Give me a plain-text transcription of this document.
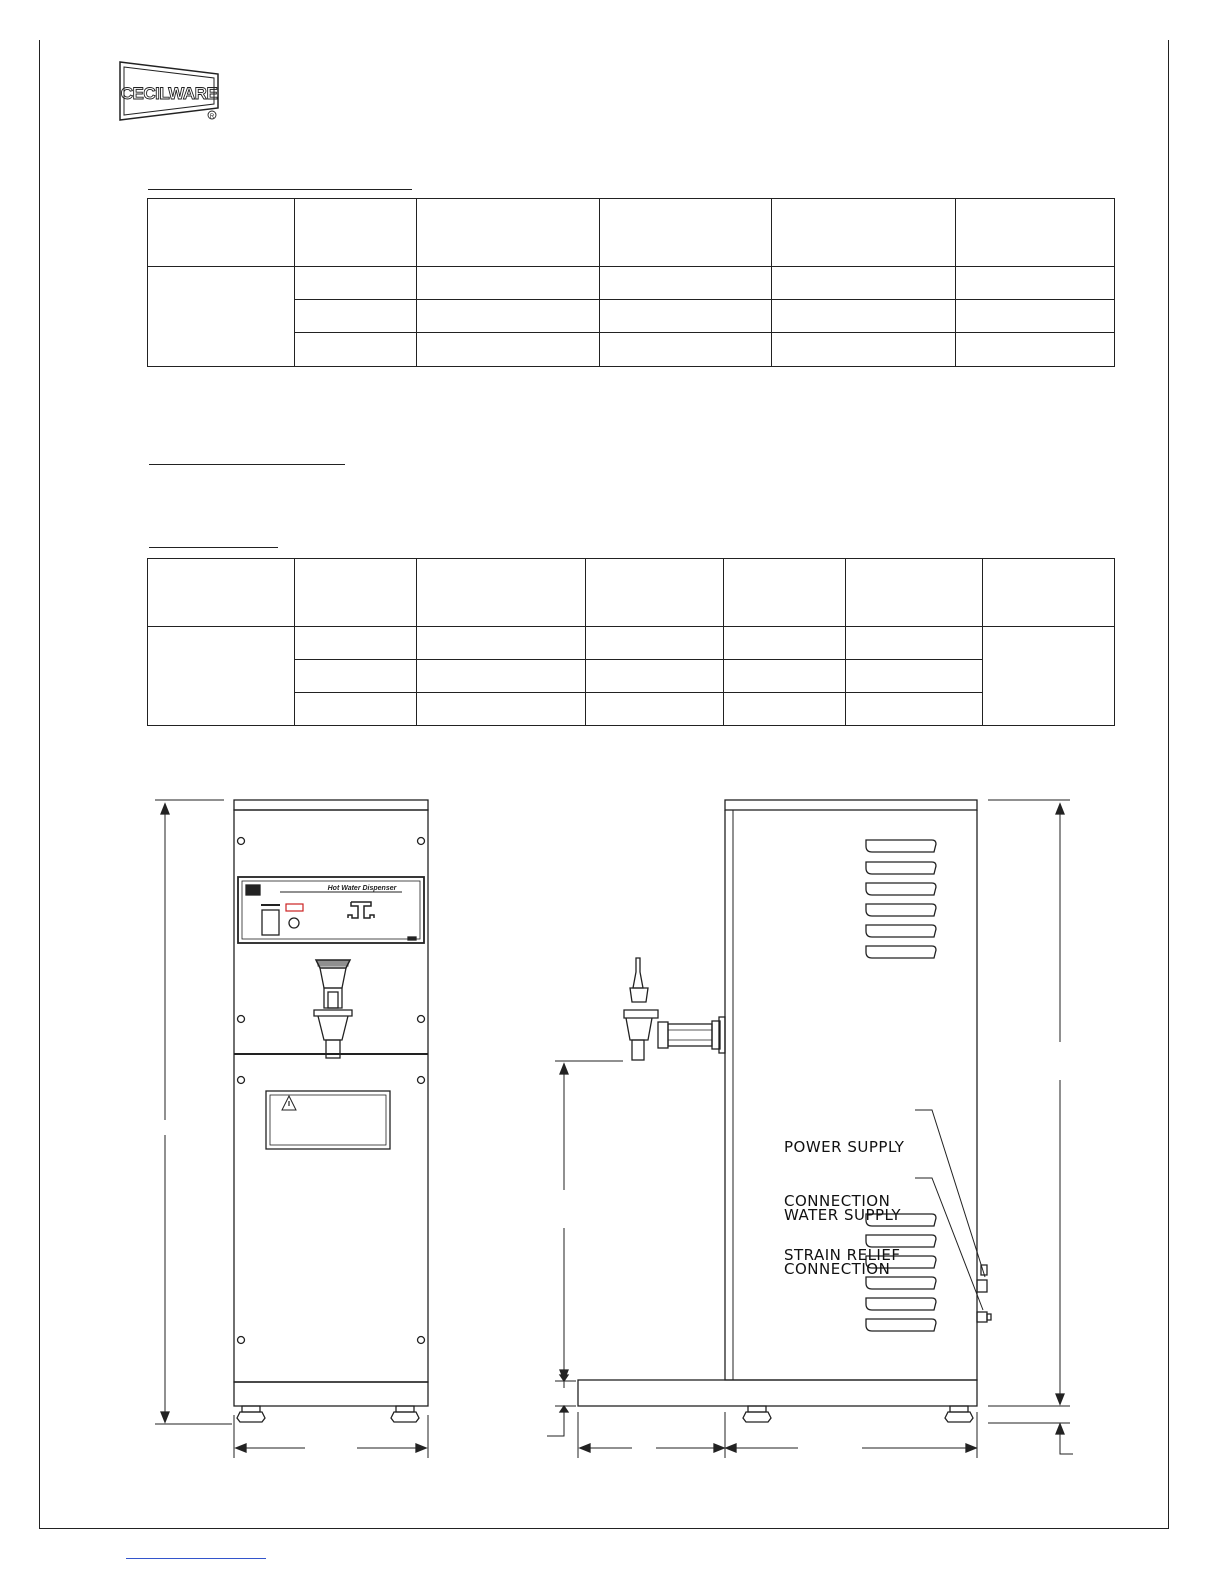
CECILWARE
R

Hot Water Dispenser

POWER SUPPLY

CONNECTION

STRAIN RELIEF

WATER SUPPLY

CONNECTION
